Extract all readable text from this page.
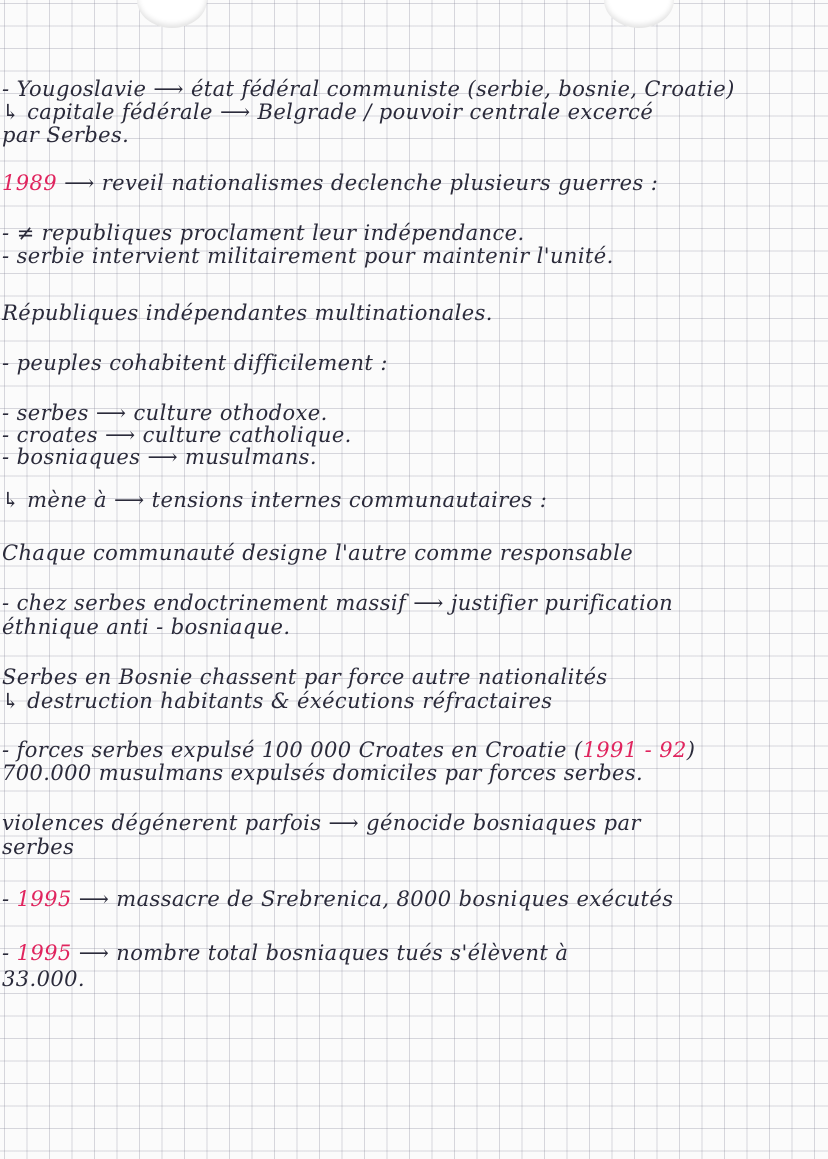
- Yougoslavie ⟶ état fédéral communiste (serbie, bosnie, Croatie)
↳ capitale fédérale ⟶ Belgrade / pouvoir centrale excercé
par Serbes.
1989 ⟶ reveil nationalismes declenche plusieurs guerres :
- ≠ republiques proclament leur indépendance.
- serbie intervient militairement pour maintenir l'unité.
Républiques indépendantes multinationales.
- peuples cohabitent difficilement :
- serbes ⟶ culture othodoxe.
- croates ⟶ culture catholique.
- bosniaques ⟶ musulmans.
↳ mène à ⟶ tensions internes communautaires :
Chaque communauté designe l'autre comme responsable
- chez serbes endoctrinement massif ⟶ justifier purification
éthnique anti - bosniaque.
Serbes en Bosnie chassent par force autre nationalités
↳ destruction habitants & éxécutions réfractaires
- forces serbes expulsé 100 000 Croates en Croatie (1991 - 92)
700.000 musulmans expulsés domiciles par forces serbes.
violences dégénerent parfois ⟶ génocide bosniaques par
serbes
- 1995 ⟶ massacre de Srebrenica, 8000 bosniques exécutés
- 1995 ⟶ nombre total bosniaques tués s'élèvent à
33.000.
